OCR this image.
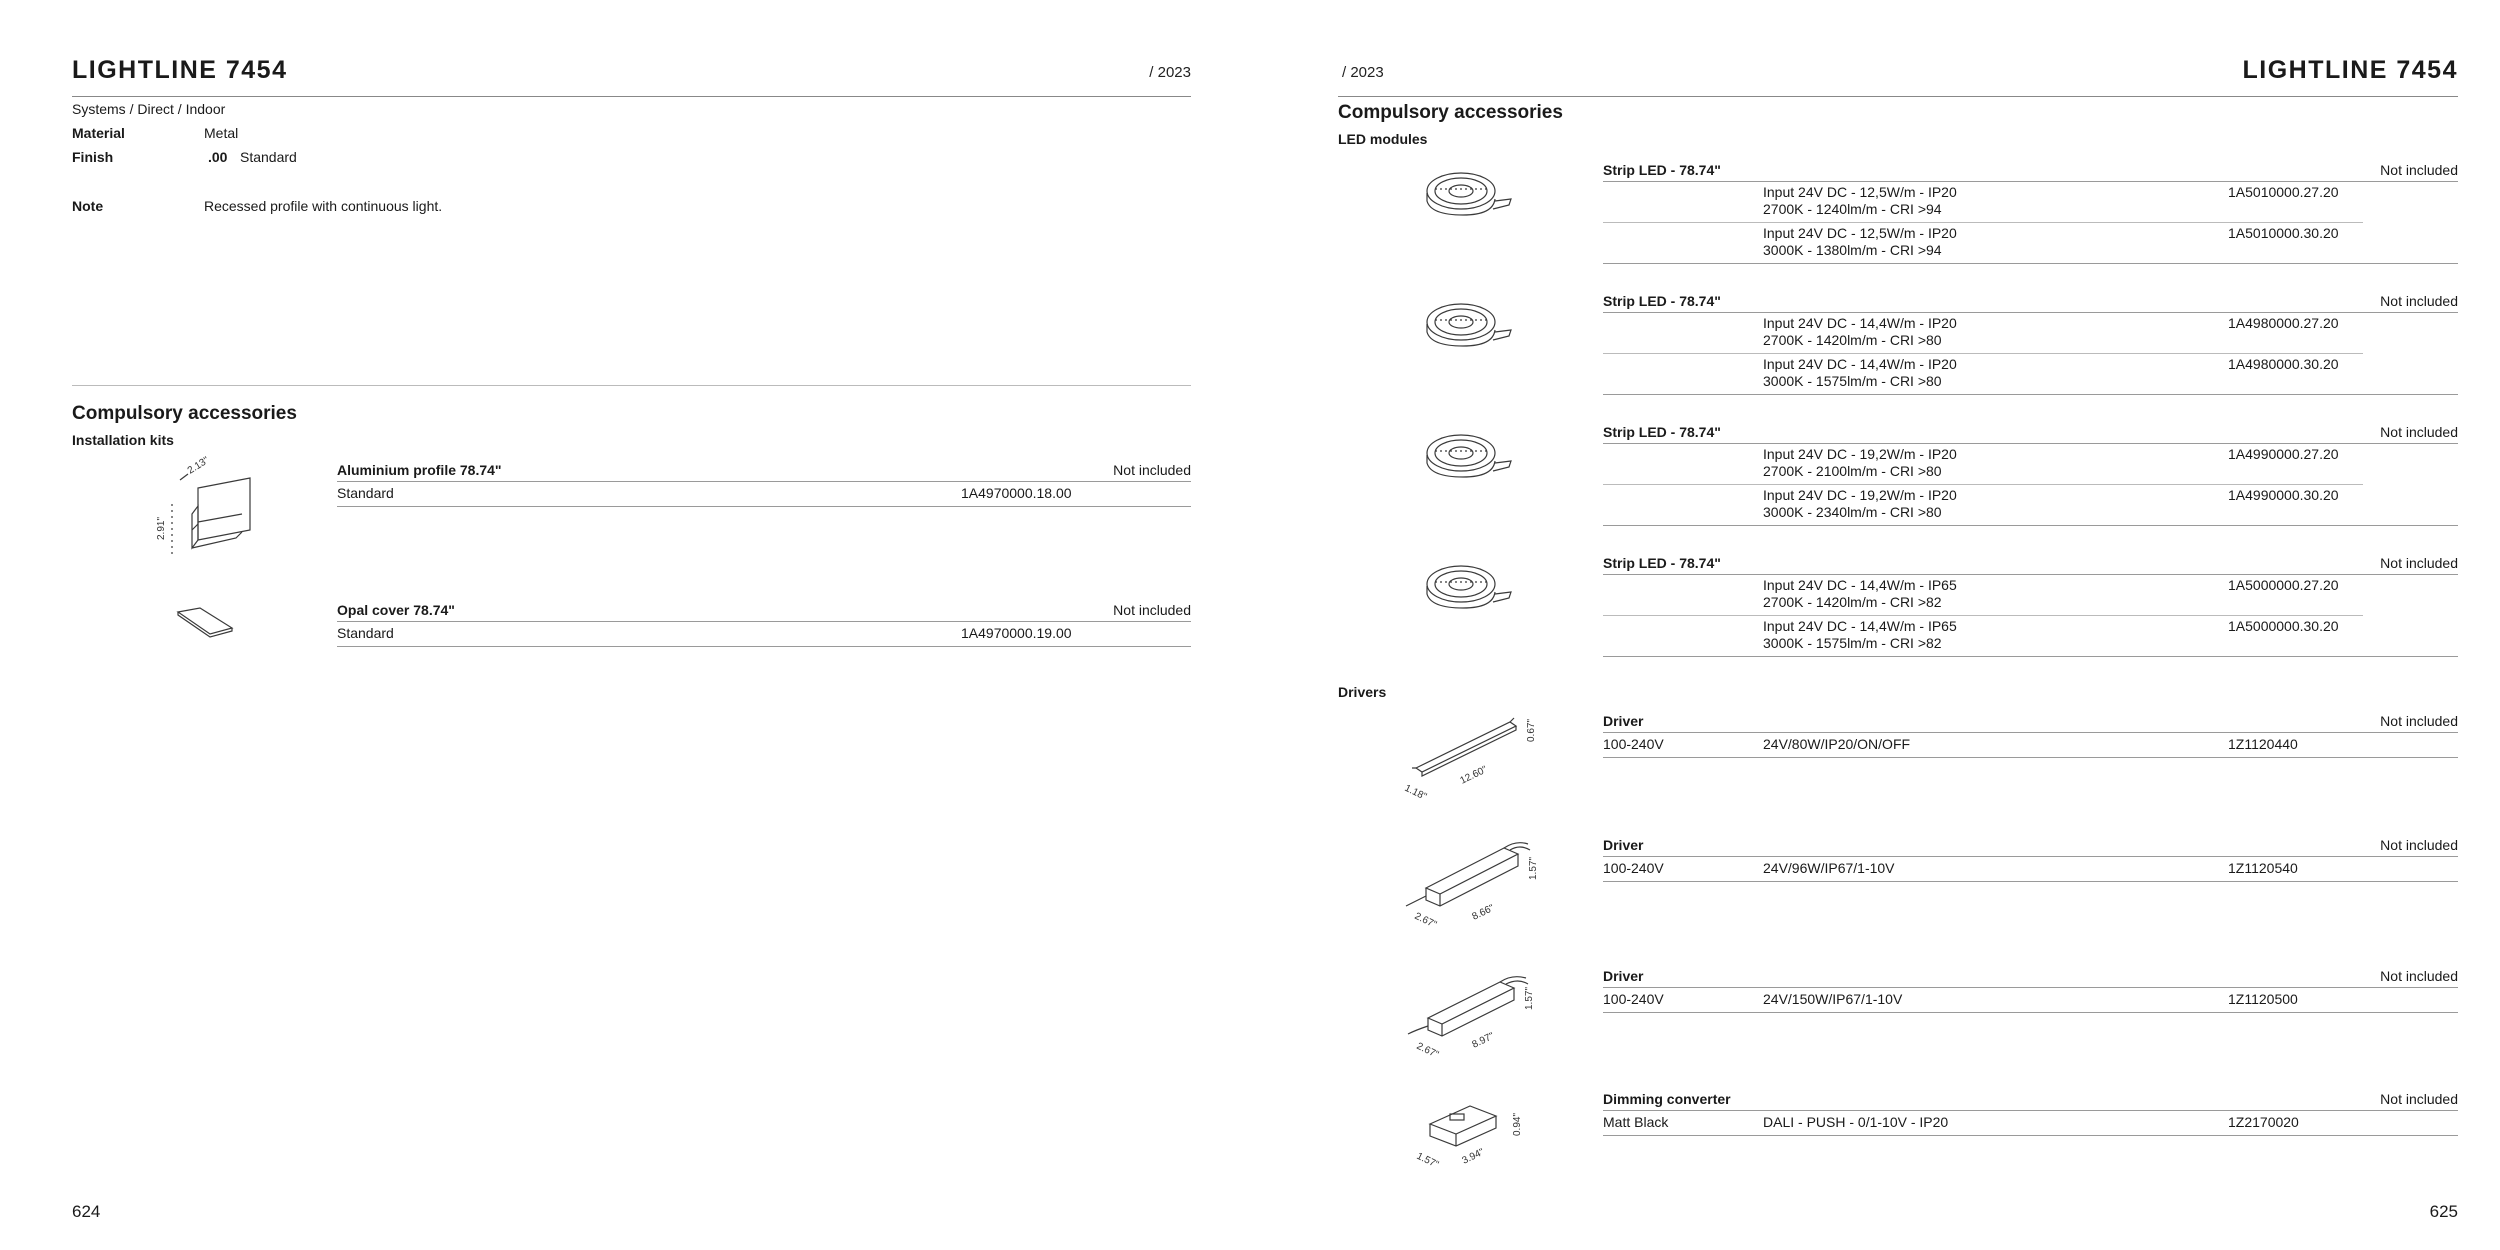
LIGHTLINE 7454	/ 2023
Systems / Direct / Indoor
Material	Metal
Finish	.00 Standard
Note	Recessed profile with continuous light.
Compulsory accessories
Installation kits
2.13"
2.91"
Aluminium profile 78.74"	Not included
Standard	1A4970000.18.00
Opal cover 78.74"	Not included
Standard	1A4970000.19.00
624
/ 2023	LIGHTLINE 7454
Compulsory accessories
LED modules
Strip LED - 78.74"	Not included
Input 24V DC - 12,5W/m - IP20
2700K - 1240lm/m - CRI >94
1A5010000.27.20
Input 24V DC - 12,5W/m - IP20
3000K - 1380lm/m - CRI >94
1A5010000.30.20
Strip LED - 78.74"	Not included
Input 24V DC - 14,4W/m - IP20
2700K - 1420lm/m - CRI >80
1A4980000.27.20
Input 24V DC - 14,4W/m - IP20
3000K - 1575lm/m - CRI >80
1A4980000.30.20
Strip LED - 78.74"	Not included
Input 24V DC - 19,2W/m - IP20
2700K - 2100lm/m - CRI >80
1A4990000.27.20
Input 24V DC - 19,2W/m - IP20
3000K - 2340lm/m - CRI >80
1A4990000.30.20
Strip LED - 78.74"	Not included
Input 24V DC - 14,4W/m - IP65
2700K - 1420lm/m - CRI >82
1A5000000.27.20
Input 24V DC - 14,4W/m - IP65
3000K - 1575lm/m - CRI >82
1A5000000.30.20
Drivers
0.67"
12.60"
1.18"
Driver	Not included
100-240V	24V/80W/IP20/ON/OFF	1Z1120440
1.57"
8.66"
2.67"
Driver	Not included
100-240V	24V/96W/IP67/1-10V	1Z1120540
1.57"
8.97"
2.67"
Driver	Not included
100-240V	24V/150W/IP67/1-10V	1Z1120500
0.94"
3.94"
1.57"
Dimming converter	Not included
Matt Black	DALI - PUSH - 0/1-10V - IP20	1Z2170020
625
